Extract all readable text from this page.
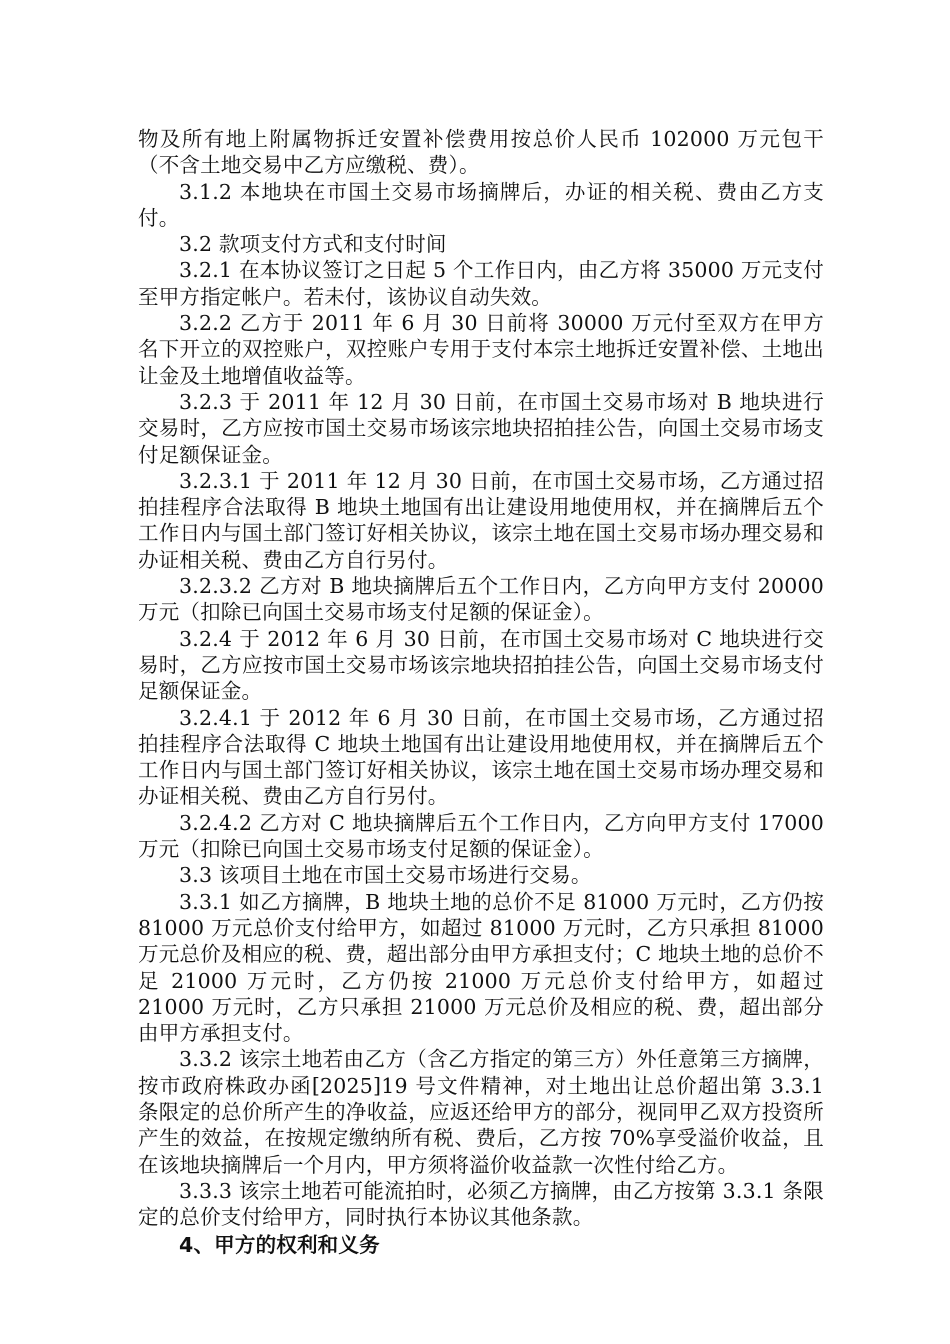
物及所有地上附属物拆迁安置补偿费用按总价人民币 102000 万元包干（不含土地交易中乙方应缴税、费）。

3.1.2 本地块在市国土交易市场摘牌后，办证的相关税、费由乙方支付。

3.2 款项支付方式和支付时间

3.2.1 在本协议签订之日起 5 个工作日内，由乙方将 35000 万元支付至甲方指定帐户。若未付，该协议自动失效。

3.2.2 乙方于 2011 年 6 月 30 日前将 30000 万元付至双方在甲方名下开立的双控账户，双控账户专用于支付本宗土地拆迁安置补偿、土地出让金及土地增值收益等。

3.2.3 于 2011 年 12 月 30 日前，在市国土交易市场对 B 地块进行交易时，乙方应按市国土交易市场该宗地块招拍挂公告，向国土交易市场支付足额保证金。

3.2.3.1 于 2011 年 12 月 30 日前，在市国土交易市场，乙方通过招拍挂程序合法取得 B 地块土地国有出让建设用地使用权，并在摘牌后五个工作日内与国土部门签订好相关协议，该宗土地在国土交易市场办理交易和办证相关税、费由乙方自行另付。

3.2.3.2 乙方对 B 地块摘牌后五个工作日内，乙方向甲方支付 20000 万元（扣除已向国土交易市场支付足额的保证金）。

3.2.4 于 2012 年 6 月 30 日前，在市国土交易市场对 C 地块进行交易时，乙方应按市国土交易市场该宗地块招拍挂公告，向国土交易市场支付足额保证金。

3.2.4.1 于 2012 年 6 月 30 日前，在市国土交易市场，乙方通过招拍挂程序合法取得 C 地块土地国有出让建设用地使用权，并在摘牌后五个工作日内与国土部门签订好相关协议，该宗土地在国土交易市场办理交易和办证相关税、费由乙方自行另付。

3.2.4.2 乙方对 C 地块摘牌后五个工作日内，乙方向甲方支付 17000 万元（扣除已向国土交易市场支付足额的保证金）。

3.3 该项目土地在市国土交易市场进行交易。

3.3.1 如乙方摘牌，B 地块土地的总价不足 81000 万元时，乙方仍按 81000 万元总价支付给甲方，如超过 81000 万元时，乙方只承担 81000 万元总价及相应的税、费，超出部分由甲方承担支付；C 地块土地的总价不足 21000 万元时，乙方仍按 21000 万元总价支付给甲方，如超过 21000 万元时，乙方只承担 21000 万元总价及相应的税、费，超出部分由甲方承担支付。

3.3.2 该宗土地若由乙方（含乙方指定的第三方）外任意第三方摘牌，按市政府株政办函[2025]19 号文件精神，对土地出让总价超出第 3.3.1 条限定的总价所产生的净收益，应返还给甲方的部分，视同甲乙双方投资所产生的效益，在按规定缴纳所有税、费后，乙方按 70%享受溢价收益，且在该地块摘牌后一个月内，甲方须将溢价收益款一次性付给乙方。

3.3.3 该宗土地若可能流拍时，必须乙方摘牌，由乙方按第 3.3.1 条限定的总价支付给甲方，同时执行本协议其他条款。

4、甲方的权利和义务
